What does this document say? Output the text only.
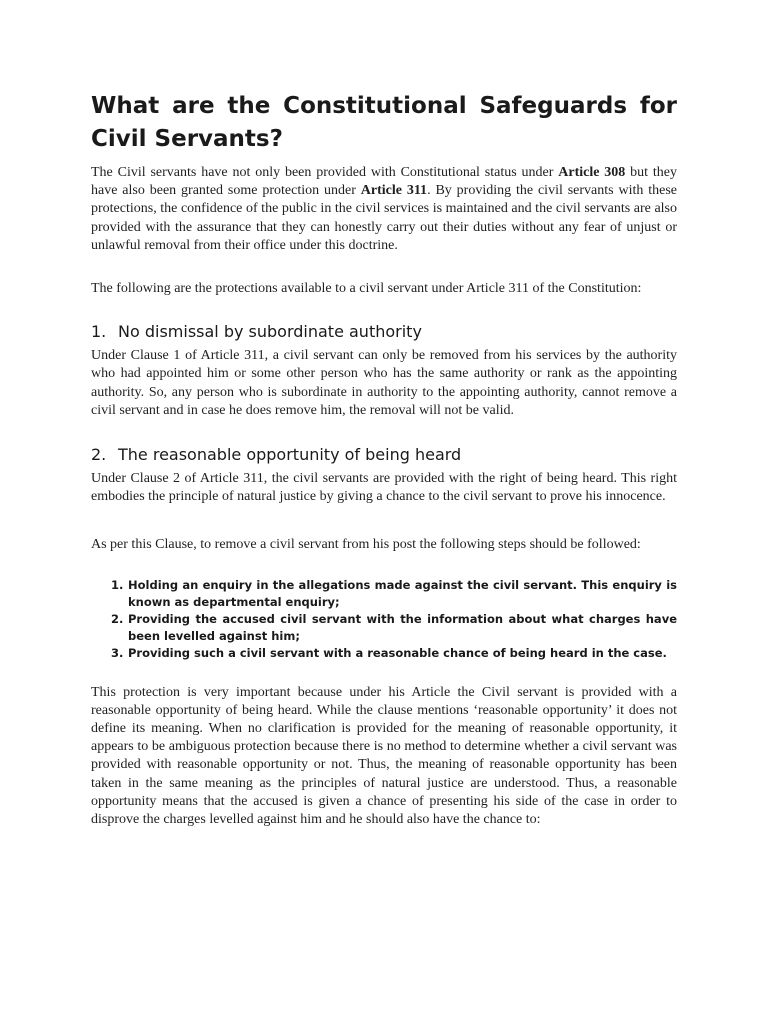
What are the Constitutional Safeguards for Civil Servants?

The Civil servants have not only been provided with Constitutional status under Article 308 but they have also been granted some protection under Article 311. By providing the civil servants with these protections, the confidence of the public in the civil services is maintained and the civil servants are also provided with the assurance that they can honestly carry out their duties without any fear of unjust or unlawful removal from their office under this doctrine.

The following are the protections available to a civil servant under Article 311 of the Constitution:

1. No dismissal by subordinate authority

Under Clause 1 of Article 311, a civil servant can only be removed from his services by the authority who had appointed him or some other person who has the same authority or rank as the appointing authority. So, any person who is subordinate in authority to the appointing authority, cannot remove a civil servant and in case he does remove him, the removal will not be valid.

2. The reasonable opportunity of being heard

Under Clause 2 of Article 311, the civil servants are provided with the right of being heard. This right embodies the principle of natural justice by giving a chance to the civil servant to prove his innocence.

As per this Clause, to remove a civil servant from his post the following steps should be followed:

1. Holding an enquiry in the allegations made against the civil servant. This enquiry is known as departmental enquiry;
2. Providing the accused civil servant with the information about what charges have been levelled against him;
3. Providing such a civil servant with a reasonable chance of being heard in the case.

This protection is very important because under his Article the Civil servant is provided with a reasonable opportunity of being heard. While the clause mentions ‘reasonable opportunity’ it does not define its meaning. When no clarification is provided for the meaning of reasonable opportunity, it appears to be ambiguous protection because there is no method to determine whether a civil servant was provided with reasonable opportunity or not. Thus, the meaning of reasonable opportunity has been taken in the same meaning as the principles of natural justice are understood. Thus, a reasonable opportunity means that the accused is given a chance of presenting his side of the case in order to disprove the charges levelled against him and he should also have the chance to:
